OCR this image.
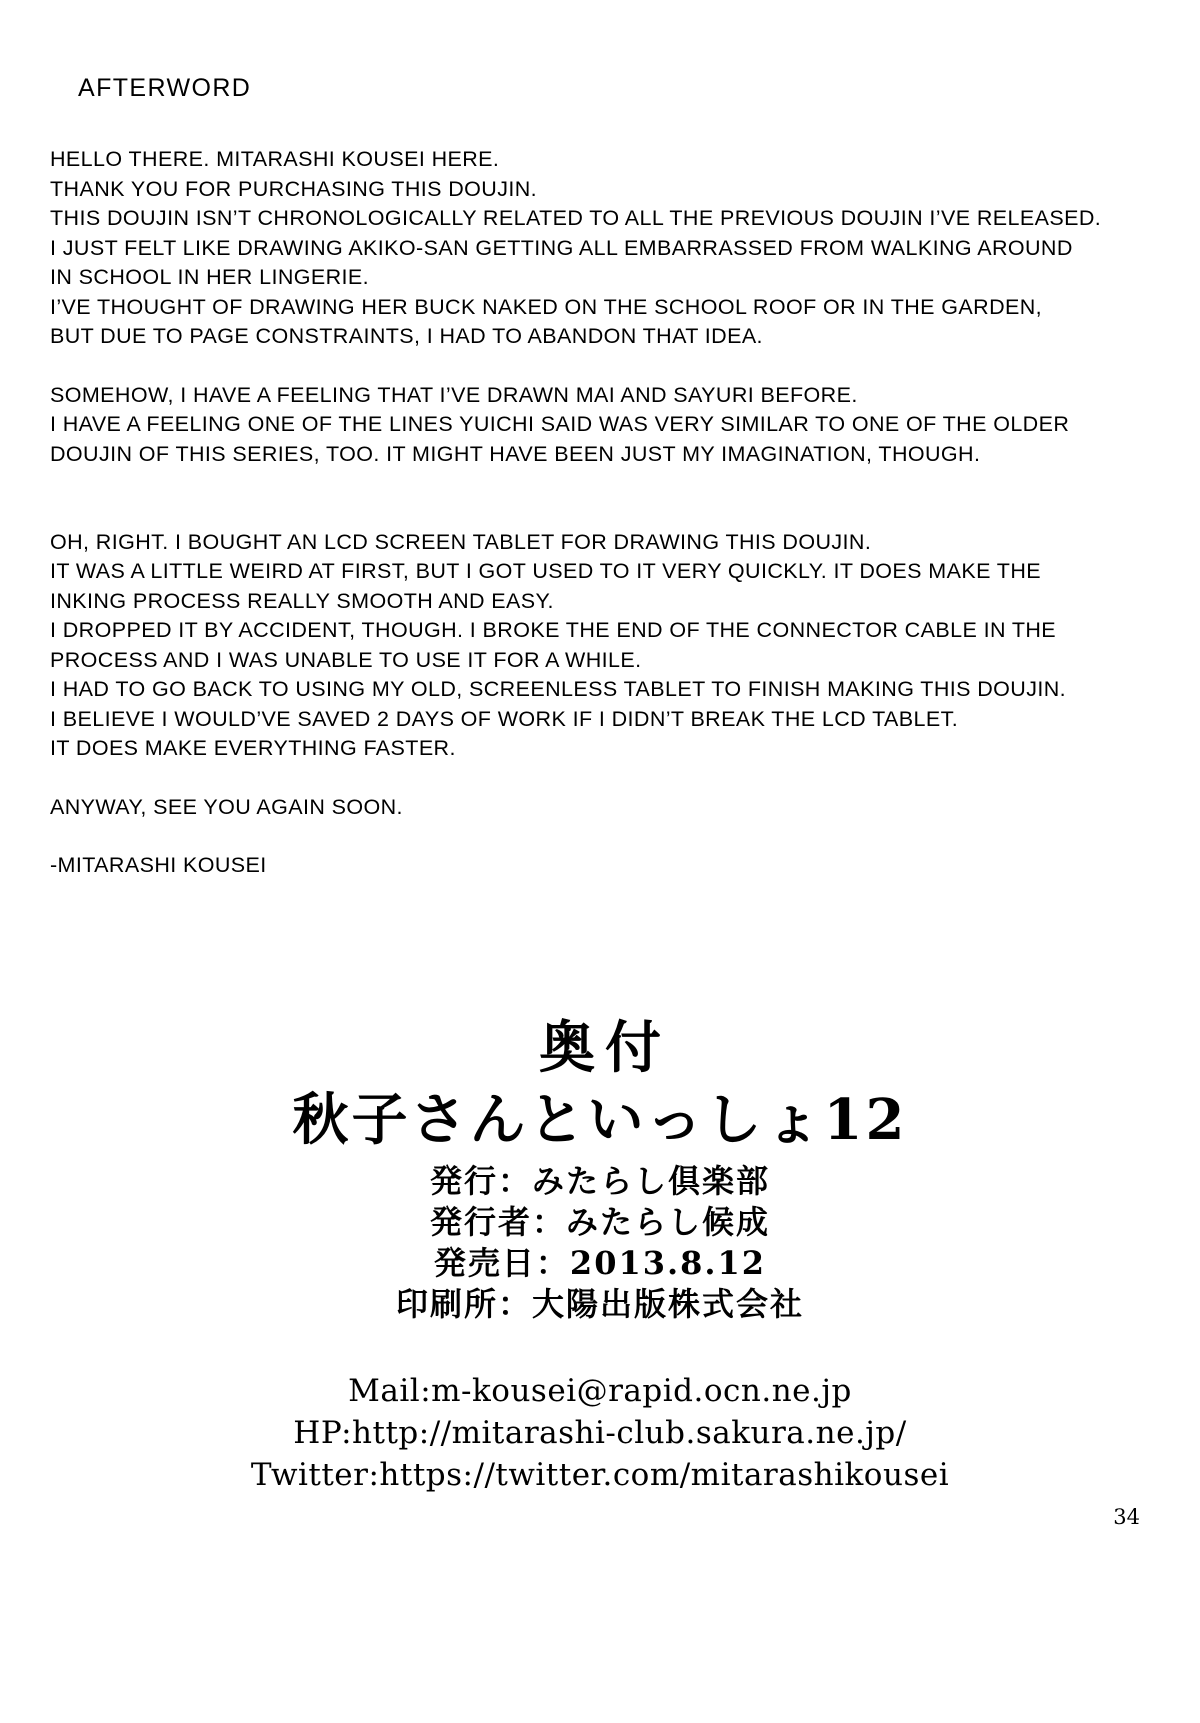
AFTERWORD

HELLO THERE. MITARASHI KOUSEI HERE.
THANK YOU FOR PURCHASING THIS DOUJIN.
THIS DOUJIN ISN’T CHRONOLOGICALLY RELATED TO ALL THE PREVIOUS DOUJIN I’VE RELEASED.
I JUST FELT LIKE DRAWING AKIKO-SAN GETTING ALL EMBARRASSED FROM WALKING AROUND
IN SCHOOL IN HER LINGERIE.
I’VE THOUGHT OF DRAWING HER BUCK NAKED ON THE SCHOOL ROOF OR IN THE GARDEN,
BUT DUE TO PAGE CONSTRAINTS, I HAD TO ABANDON THAT IDEA.

SOMEHOW, I HAVE A FEELING THAT I’VE DRAWN MAI AND SAYURI BEFORE.
I HAVE A FEELING ONE OF THE LINES YUICHI SAID WAS VERY SIMILAR TO ONE OF THE OLDER
DOUJIN OF THIS SERIES, TOO. IT MIGHT HAVE BEEN JUST MY IMAGINATION, THOUGH.

OH, RIGHT. I BOUGHT AN LCD SCREEN TABLET FOR DRAWING THIS DOUJIN.
IT WAS A LITTLE WEIRD AT FIRST, BUT I GOT USED TO IT VERY QUICKLY. IT DOES MAKE THE
INKING PROCESS REALLY SMOOTH AND EASY.
I DROPPED IT BY ACCIDENT, THOUGH. I BROKE THE END OF THE CONNECTOR CABLE IN THE
PROCESS AND I WAS UNABLE TO USE IT FOR A WHILE.
I HAD TO GO BACK TO USING MY OLD, SCREENLESS TABLET TO FINISH MAKING THIS DOUJIN.
I BELIEVE I WOULD’VE SAVED 2 DAYS OF WORK IF I DIDN’T BREAK THE LCD TABLET.
IT DOES MAKE EVERYTHING FASTER.

ANYWAY, SEE YOU AGAIN SOON.

-MITARASHI KOUSEI

奥付

秋子さんといっしょ12

発行：みたらし倶楽部

発行者：みたらし候成

発売日：2013.8.12

印刷所：大陽出版株式会社

Mail:m-kousei@rapid.ocn.ne.jp

HP:http://mitarashi-club.sakura.ne.jp/

Twitter:https://twitter.com/mitarashikousei

34
